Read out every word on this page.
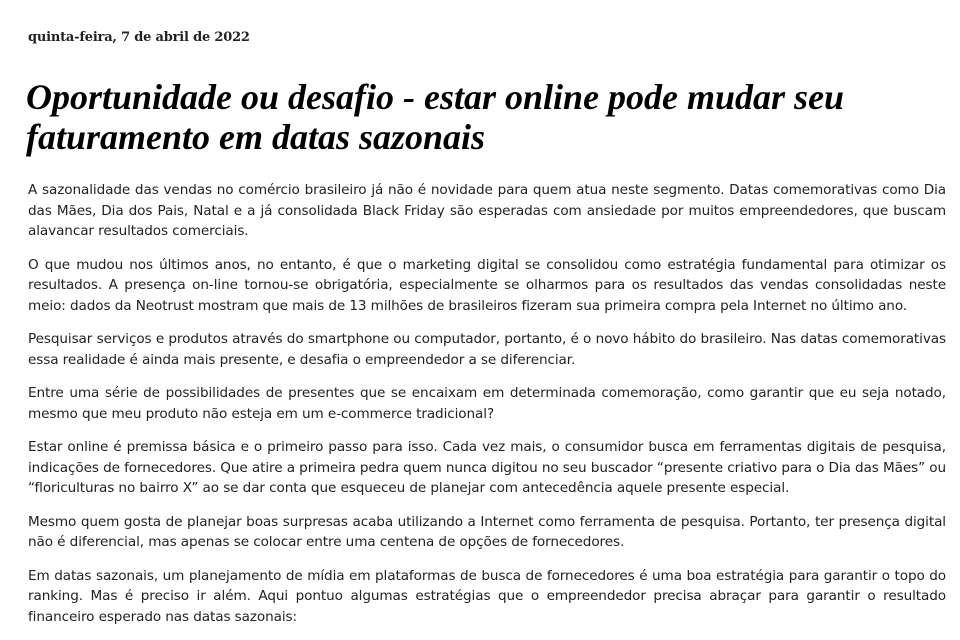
quinta-feira, 7 de abril de 2022
Oportunidade ou desafio - estar online pode mudar seu faturamento em datas sazonais

A sazonalidade das vendas no comércio brasileiro já não é novidade para quem atua neste segmento. Datas comemorativas como Dia das Mães, Dia dos Pais, Natal e a já consolidada Black Friday são esperadas com ansiedade por muitos empreendedores, que buscam alavancar resultados comerciais.

O que mudou nos últimos anos, no entanto, é que o marketing digital se consolidou como estratégia fundamental para otimizar os resultados. A presença on-line tornou-se obrigatória, especialmente se olharmos para os resultados das vendas consolidadas neste meio: dados da Neotrust mostram que mais de 13 milhões de brasileiros fizeram sua primeira compra pela Internet no último ano.

Pesquisar serviços e produtos através do smartphone ou computador, portanto, é o novo hábito do brasileiro. Nas datas comemorativas essa realidade é ainda mais presente, e desafia o empreendedor a se diferenciar.

Entre uma série de possibilidades de presentes que se encaixam em determinada comemoração, como garantir que eu seja notado, mesmo que meu produto não esteja em um e-commerce tradicional?

Estar online é premissa básica e o primeiro passo para isso. Cada vez mais, o consumidor busca em ferramentas digitais de pesquisa, indicações de fornecedores. Que atire a primeira pedra quem nunca digitou no seu buscador “presente criativo para o Dia das Mães” ou “floriculturas no bairro X” ao se dar conta que esqueceu de planejar com antecedência aquele presente especial.

Mesmo quem gosta de planejar boas surpresas acaba utilizando a Internet como ferramenta de pesquisa. Portanto, ter presença digital não é diferencial, mas apenas se colocar entre uma centena de opções de fornecedores.

Em datas sazonais, um planejamento de mídia em plataformas de busca de fornecedores é uma boa estratégia para garantir o topo do ranking. Mas é preciso ir além. Aqui pontuo algumas estratégias que o empreendedor precisa abraçar para garantir o resultado financeiro esperado nas datas sazonais:
